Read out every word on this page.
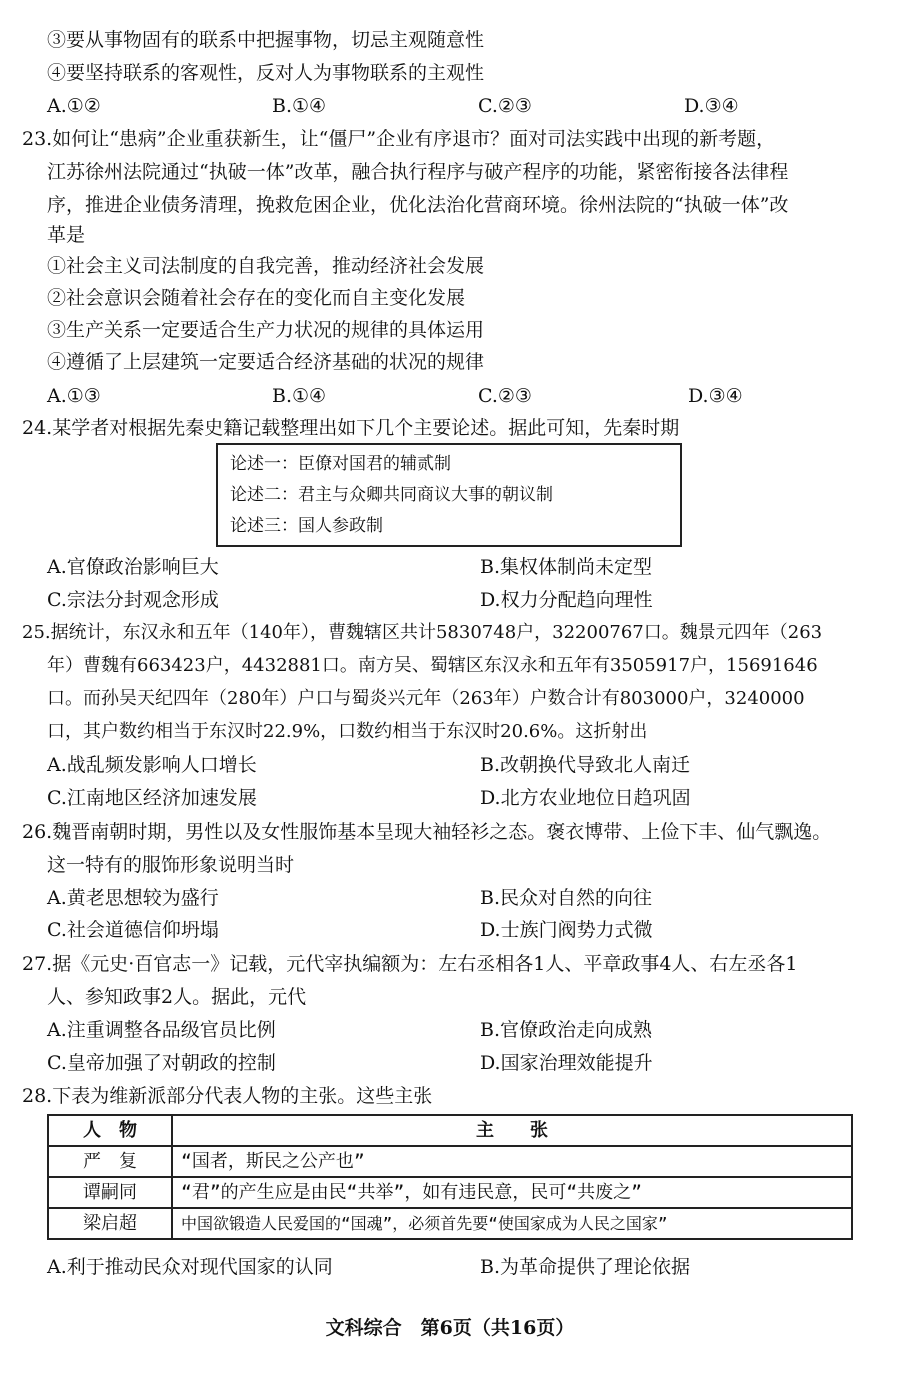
③要从事物固有的联系中把握事物，切忌主观随意性
④要坚持联系的客观性，反对人为事物联系的主观性
A.①②	B.①④	C.②③	D.③④
23.如何让“患病”企业重获新生，让“僵尸”企业有序退市？面对司法实践中出现的新考题，
江苏徐州法院通过“执破一体”改革，融合执行程序与破产程序的功能，紧密衔接各法律程
序，推进企业债务清理，挽救危困企业，优化法治化营商环境。徐州法院的“执破一体”改
革是
①社会主义司法制度的自我完善，推动经济社会发展
②社会意识会随着社会存在的变化而自主变化发展
③生产关系一定要适合生产力状况的规律的具体运用
④遵循了上层建筑一定要适合经济基础的状况的规律
A.①③	B.①④	C.②③	D.③④
24.某学者对根据先秦史籍记载整理出如下几个主要论述。据此可知，先秦时期
论述一：臣僚对国君的辅贰制
论述二：君主与众卿共同商议大事的朝议制
论述三：国人参政制
A.官僚政治影响巨大	B.集权体制尚未定型
C.宗法分封观念形成	D.权力分配趋向理性
25.据统计，东汉永和五年（140年），曹魏辖区共计5830748户，32200767口。魏景元四年（263
年）曹魏有663423户，4432881口。南方吴、蜀辖区东汉永和五年有3505917户，15691646
口。而孙吴天纪四年（280年）户口与蜀炎兴元年（263年）户数合计有803000户，3240000
口，其户数约相当于东汉时22.9%，口数约相当于东汉时20.6%。这折射出
A.战乱频发影响人口增长	B.改朝换代导致北人南迁
C.江南地区经济加速发展	D.北方农业地位日趋巩固
26.魏晋南朝时期，男性以及女性服饰基本呈现大袖轻衫之态。褒衣博带、上俭下丰、仙气飘逸。
这一特有的服饰形象说明当时
A.黄老思想较为盛行	B.民众对自然的向往
C.社会道德信仰坍塌	D.士族门阀势力式微
27.据《元史·百官志一》记载，元代宰执编额为：左右丞相各1人、平章政事4人、右左丞各1
人、参知政事2人。据此，元代
A.注重调整各品级官员比例	B.官僚政治走向成熟
C.皇帝加强了对朝政的控制	D.国家治理效能提升
28.下表为维新派部分代表人物的主张。这些主张
人　物	主　　张
严　复	“国者，斯民之公产也”
谭嗣同	“君”的产生应是由民“共举”，如有违民意，民可“共废之”
梁启超	中国欲锻造人民爱国的“国魂”，必须首先要“使国家成为人民之国家”
A.利于推动民众对现代国家的认同	B.为革命提供了理论依据
文科综合　第6页（共16页）
